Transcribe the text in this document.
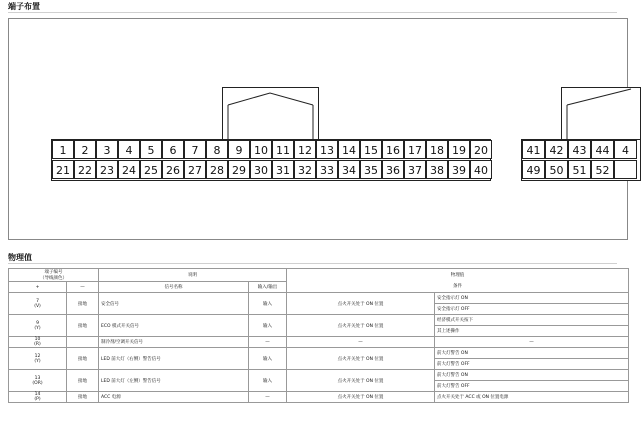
端子布置
1	2	3	4	5	6	7	8	9	10 11 12 13 14 15 16 17 18 19 20
21 22 23 24 25 26 27 28 29 30 31 32 33 34 35 36 37 38 39 40
41 42 43 44	4
49 50 51 52
物理值
端子编号
（导线颜色）		说明		物理值

条件	
+	—	信号名称	输入/输出		

7
(V)	接地	安全信号	输入	点火开关处于 ON 位置	安全指示灯 ON
					安全指示灯 OFF
9
(Y)	接地	ECO 模式开关信号	输入	点火开关处于 ON 位置	经济模式开关按下
					其上述操作
10
(R)		制冷剂/空调开关信号	—	—	—
12
(Y)	接地	LED 前大灯（右侧）警告信号	输入	点火开关处于 ON 位置	前大灯警告 ON
					前大灯警告 OFF
13
(OR)	接地	LED 前大灯（左侧）警告信号	输入	点火开关处于 ON 位置	前大灯警告 ON
					前大灯警告 OFF
14
(P)	接地	ACC 电源	—	点火开关处于 ON 位置	点火开关处于 ACC 或 ON 位置电源
